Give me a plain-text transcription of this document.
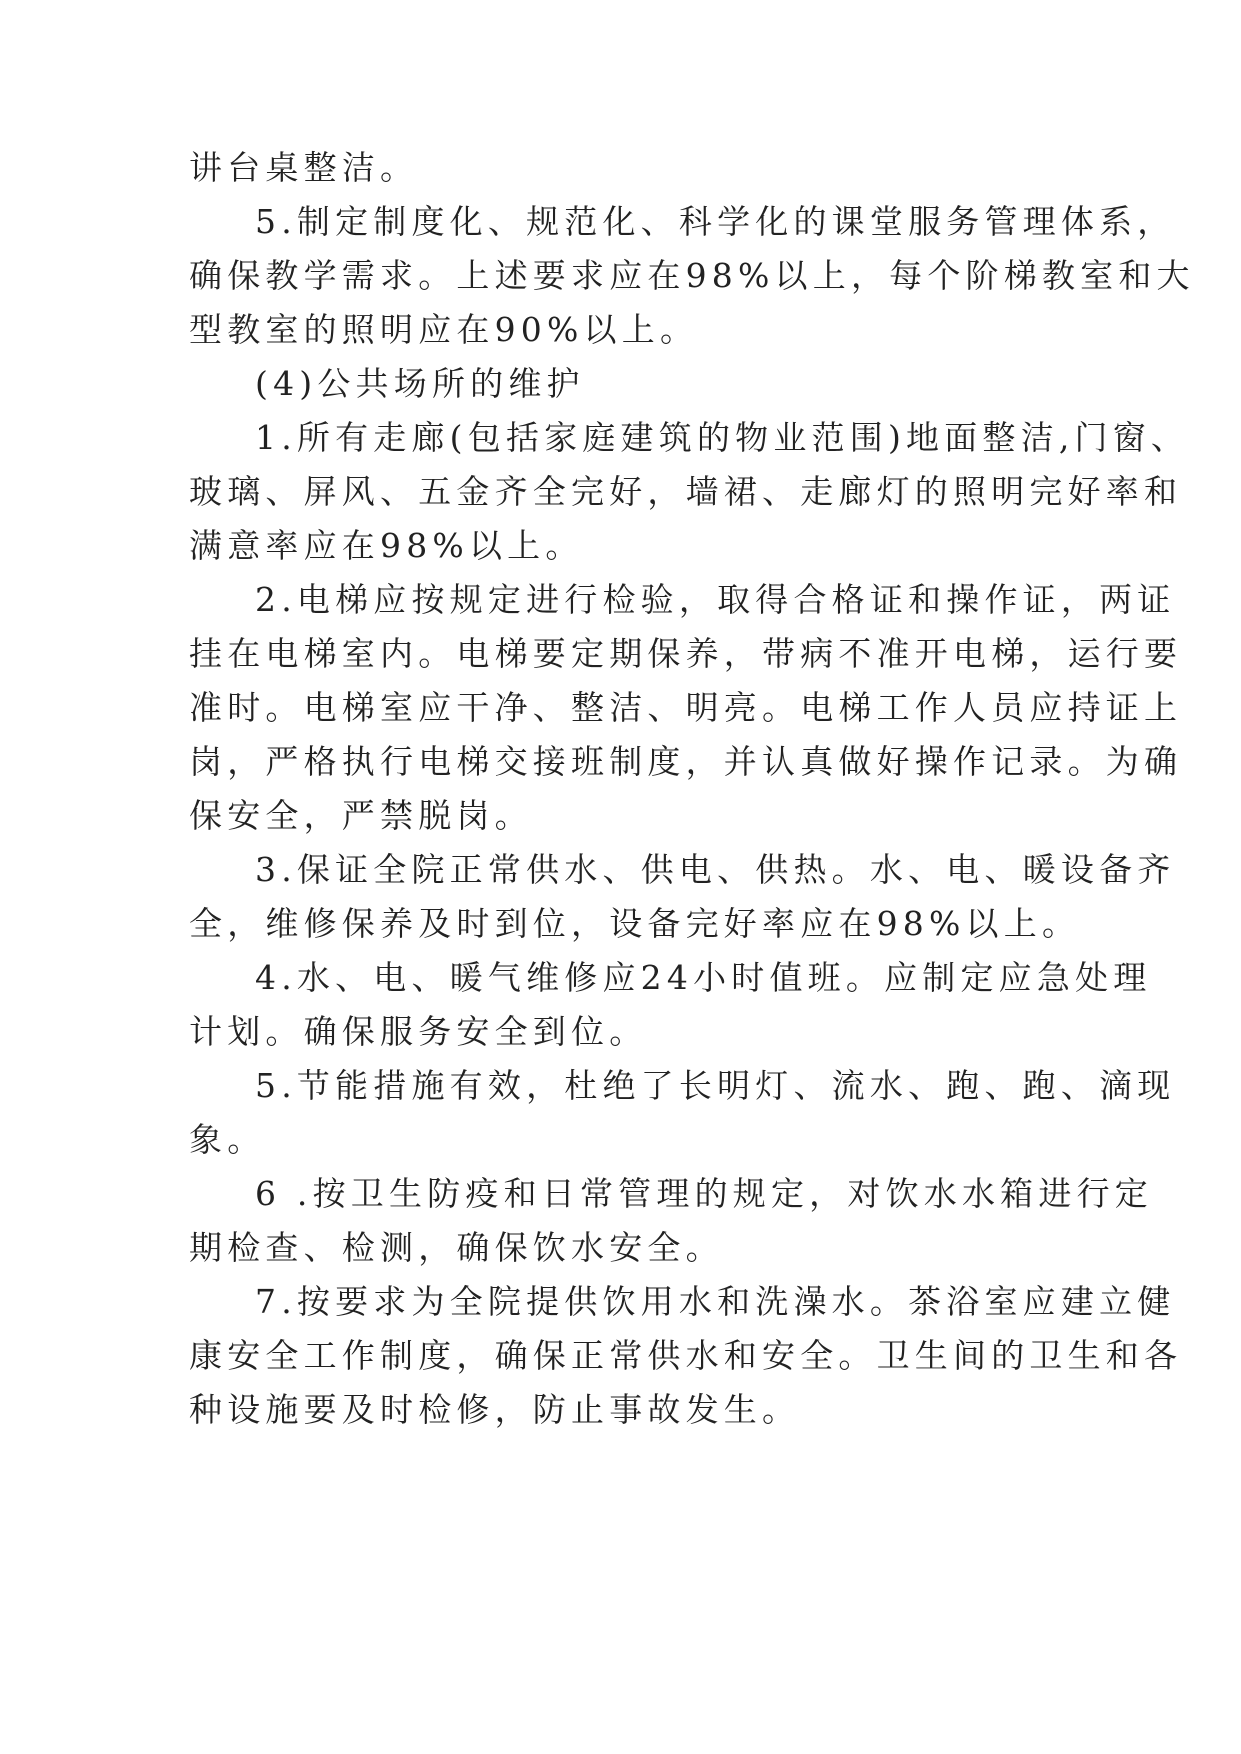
讲台桌整洁。

5.制定制度化、规范化、科学化的课堂服务管理体系，

确保教学需求。上述要求应在98%以上，每个阶梯教室和大

型教室的照明应在90%以上。

(4)公共场所的维护

1.所有走廊(包括家庭建筑的物业范围)地面整洁,门窗、

玻璃、屏风、五金齐全完好，墙裙、走廊灯的照明完好率和

满意率应在98%以上。

2.电梯应按规定进行检验，取得合格证和操作证，两证

挂在电梯室内。电梯要定期保养，带病不准开电梯，运行要

准时。电梯室应干净、整洁、明亮。电梯工作人员应持证上

岗，严格执行电梯交接班制度，并认真做好操作记录。为确

保安全，严禁脱岗。

3.保证全院正常供水、供电、供热。水、电、暖设备齐

全，维修保养及时到位，设备完好率应在98%以上。

4.水、电、暖气维修应24小时值班。应制定应急处理

计划。确保服务安全到位。

5.节能措施有效，杜绝了长明灯、流水、跑、跑、滴现

象。

6 .按卫生防疫和日常管理的规定，对饮水水箱进行定

期检查、检测，确保饮水安全。

7.按要求为全院提供饮用水和洗澡水。茶浴室应建立健

康安全工作制度，确保正常供水和安全。卫生间的卫生和各

种设施要及时检修，防止事故发生。
